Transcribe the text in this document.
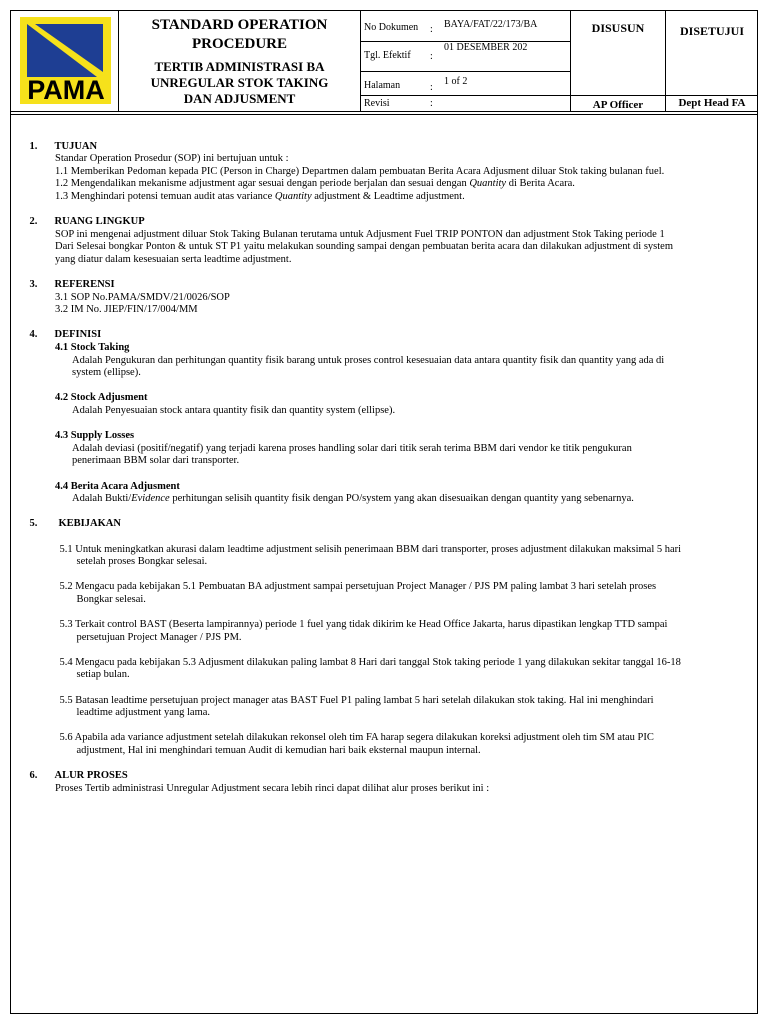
PAMA
STANDARD OPERATION
PROCEDURE
TERTIB ADMINISTRASI BA
UNREGULAR STOK TAKING
DAN ADJUSMENT
No Dokumen : BAYA/FAT/22/173/BA
Tgl. Efektif :
01 DESEMBER 202
Halaman	:
1 of 2
Revisi	:
DISUSUN
AP Officer
DISETUJUI
Dept Head FA
1. TUJUAN
Standar Operation Prosedur (SOP) ini bertujuan untuk :
1.1 Memberikan Pedoman kepada PIC (Person in Charge) Departmen dalam pembuatan Berita Acara Adjusment diluar Stok taking bulanan fuel.
1.2 Mengendalikan mekanisme adjustment agar sesuai dengan periode berjalan dan sesuai dengan Quantity di Berita Acara.
1.3 Menghindari potensi temuan audit atas variance Quantity adjustment & Leadtime adjustment.
2. RUANG LINGKUP
SOP ini mengenai adjustment diluar Stok Taking Bulanan terutama untuk Adjusment Fuel TRIP PONTON dan adjustment Stok Taking periode 1
Dari Selesai bongkar Ponton & untuk ST P1 yaitu melakukan sounding sampai dengan pembuatan berita acara dan dilakukan adjustment di system
yang diatur dalam kesesuaian serta leadtime adjustment.
3. REFERENSI
3.1 SOP No.PAMA/SMDV/21/0026/SOP
3.2 IM No. JIEP/FIN/17/004/MM
4. DEFINISI
4.1 Stock Taking
Adalah Pengukuran dan perhitungan quantity fisik barang untuk proses control kesesuaian data antara quantity fisik dan quantity yang ada di
system (ellipse).
4.2 Stock Adjusment
Adalah Penyesuaian stock antara quantity fisik dan quantity system (ellipse).
4.3 Supply Losses
Adalah deviasi (positif/negatif) yang terjadi karena proses handling solar dari titik serah terima BBM dari vendor ke titik pengukuran
penerimaan BBM solar dari transporter.
4.4 Berita Acara Adjusment
Adalah Bukti/Evidence perhitungan selisih quantity fisik dengan PO/system yang akan disesuaikan dengan quantity yang sebenarnya.
5. KEBIJAKAN
5.1 Untuk meningkatkan akurasi dalam leadtime adjustment selisih penerimaan BBM dari transporter, proses adjustment dilakukan maksimal 5 hari
setelah proses Bongkar selesai.
5.2 Mengacu pada kebijakan 5.1 Pembuatan BA adjustment sampai persetujuan Project Manager / PJS PM paling lambat 3 hari setelah proses
Bongkar selesai.
5.3 Terkait control BAST (Beserta lampirannya) periode 1 fuel yang tidak dikirim ke Head Office Jakarta, harus dipastikan lengkap TTD sampai
persetujuan Project Manager / PJS PM.
5.4 Mengacu pada kebijakan 5.3 Adjusment dilakukan paling lambat 8 Hari dari tanggal Stok taking periode 1 yang dilakukan sekitar tanggal 16-18
setiap bulan.
5.5 Batasan leadtime persetujuan project manager atas BAST Fuel P1 paling lambat 5 hari setelah dilakukan stok taking. Hal ini menghindari
leadtime adjustment yang lama.
5.6 Apabila ada variance adjustment setelah dilakukan rekonsel oleh tim FA harap segera dilakukan koreksi adjustment oleh tim SM atau PIC
adjustment, Hal ini menghindari temuan Audit di kemudian hari baik eksternal maupun internal.
6. ALUR PROSES
Proses Tertib administrasi Unregular Adjustment secara lebih rinci dapat dilihat alur proses berikut ini :
